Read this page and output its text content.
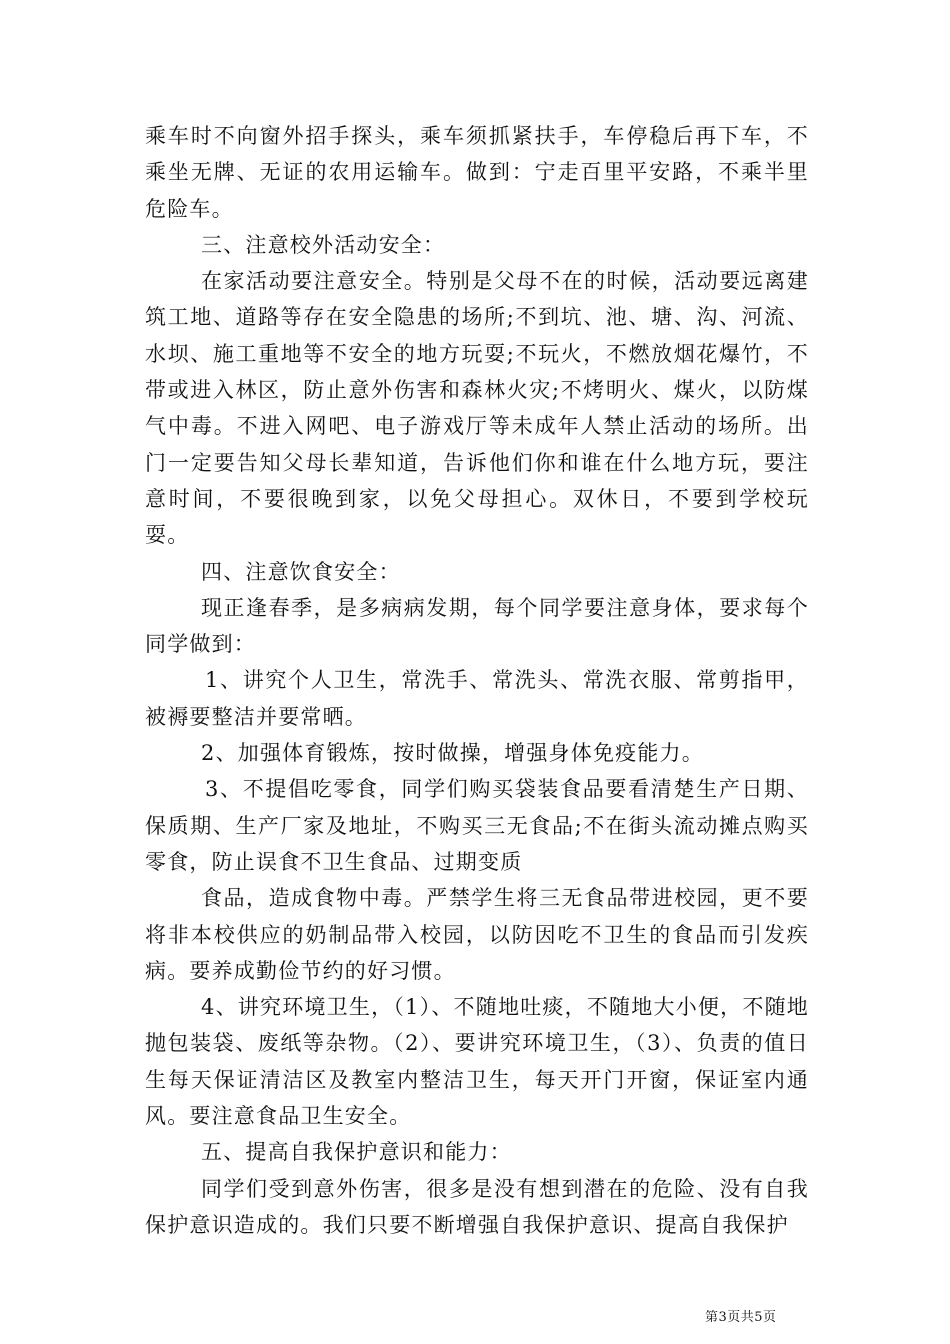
乘车时不向窗外招手探头，乘车须抓紧扶手，车停稳后再下车，不乘坐无牌、无证的农用运输车。做到：宁走百里平安路，不乘半里危险车。

三、注意校外活动安全：

在家活动要注意安全。特别是父母不在的时候，活动要远离建筑工地、道路等存在安全隐患的场所;不到坑、池、塘、沟、河流、水坝、施工重地等不安全的地方玩耍;不玩火，不燃放烟花爆竹，不带或进入林区，防止意外伤害和森林火灾;不烤明火、煤火，以防煤气中毒。不进入网吧、电子游戏厅等未成年人禁止活动的场所。出门一定要告知父母长辈知道，告诉他们你和谁在什么地方玩，要注意时间，不要很晚到家，以免父母担心。双休日，不要到学校玩耍。

四、注意饮食安全：

现正逢春季，是多病病发期，每个同学要注意身体，要求每个同学做到：

1、讲究个人卫生，常洗手、常洗头、常洗衣服、常剪指甲，被褥要整洁并要常晒。

2、加强体育锻炼，按时做操，增强身体免疫能力。

3、不提倡吃零食，同学们购买袋装食品要看清楚生产日期、保质期、生产厂家及地址，不购买三无食品;不在街头流动摊点购买零食，防止误食不卫生食品、过期变质

食品，造成食物中毒。严禁学生将三无食品带进校园，更不要将非本校供应的奶制品带入校园，以防因吃不卫生的食品而引发疾病。要养成勤俭节约的好习惯。

4、讲究环境卫生，（1）、不随地吐痰，不随地大小便，不随地抛包装袋、废纸等杂物。（2）、要讲究环境卫生，（3）、负责的值日生每天保证清洁区及教室内整洁卫生，每天开门开窗，保证室内通风。要注意食品卫生安全。

五、提高自我保护意识和能力：

同学们受到意外伤害，很多是没有想到潜在的危险、没有自我保护意识造成的。我们只要不断增强自我保护意识、提高自我保护

第3页共5页
